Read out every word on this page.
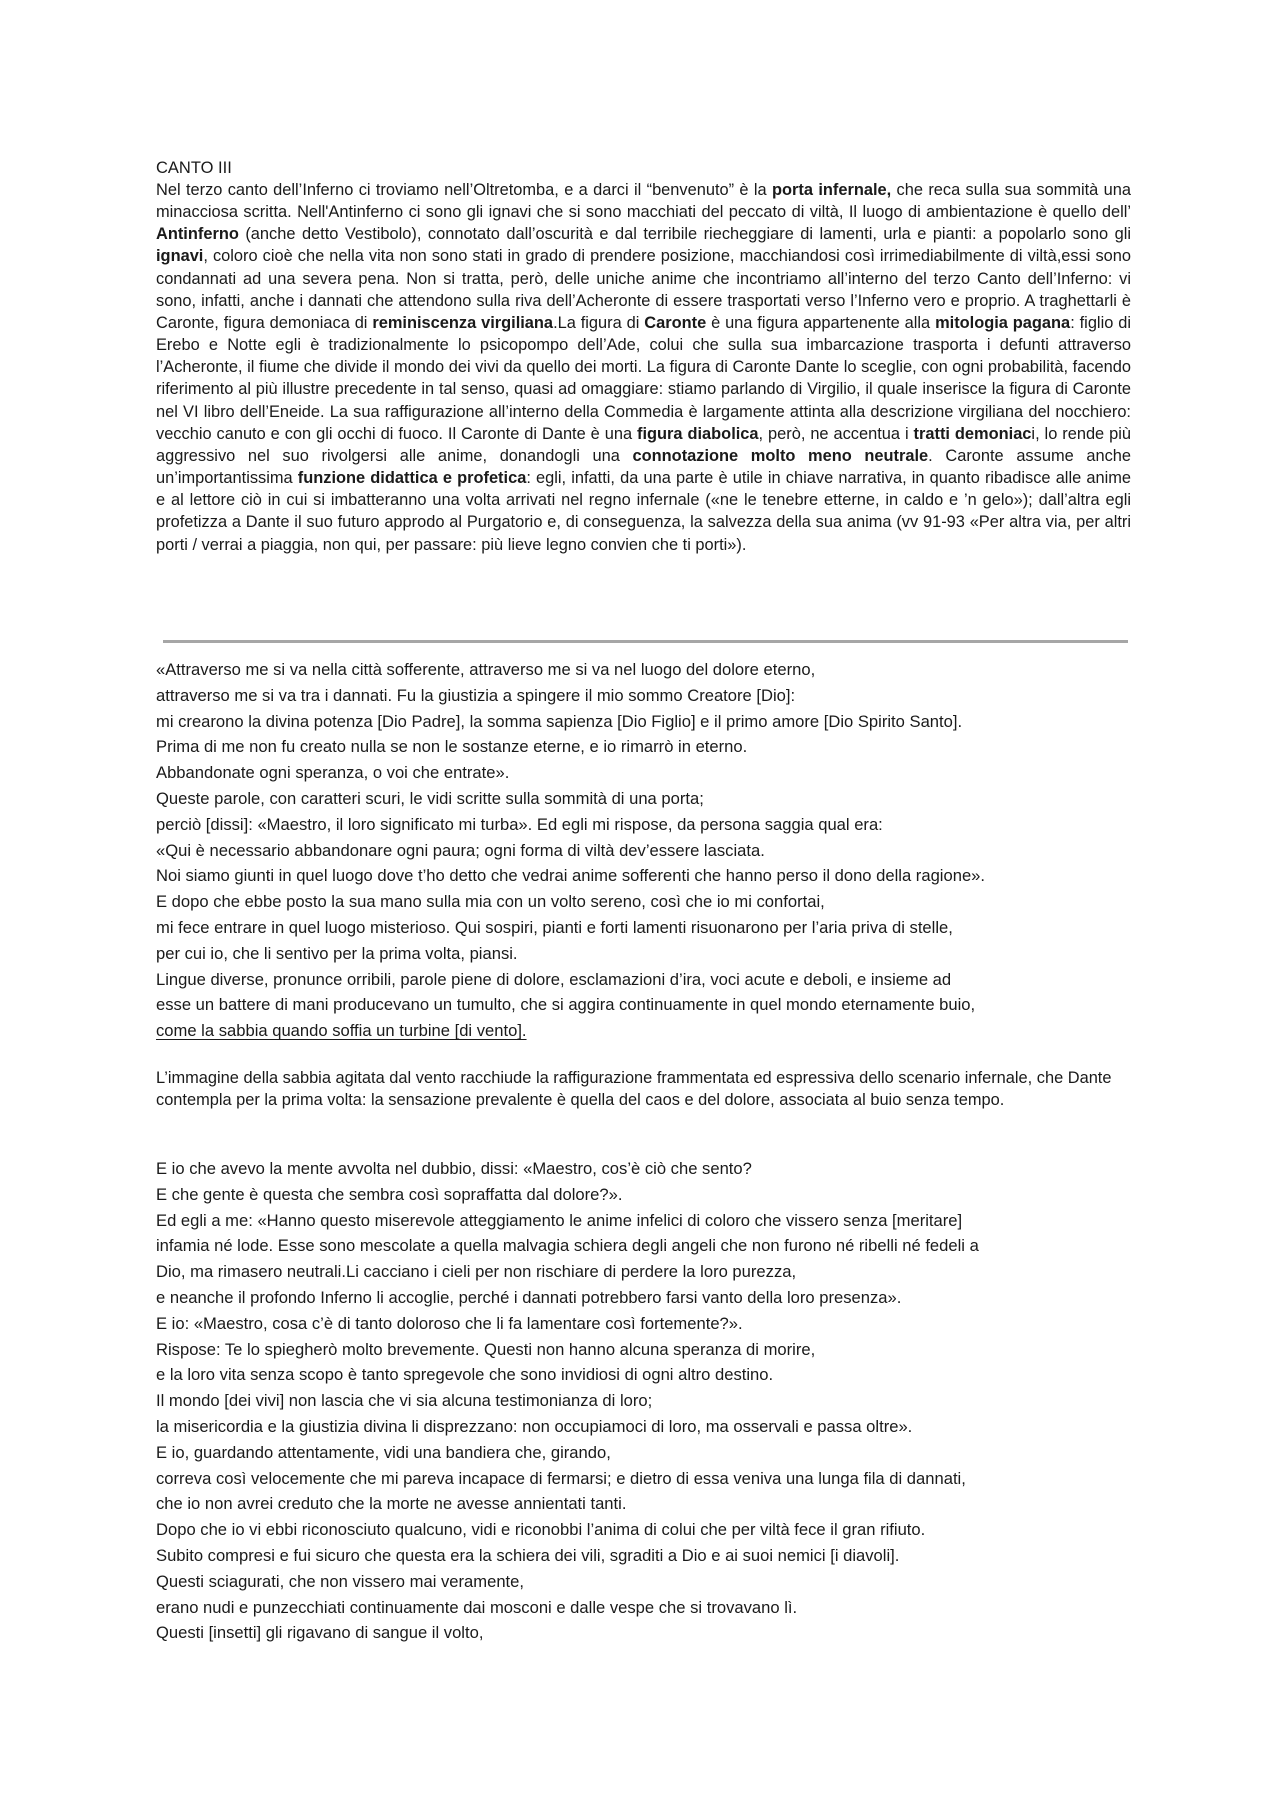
CANTO III

Nel terzo canto dell’Inferno ci troviamo nell’Oltretomba, e a darci il “benvenuto” è la porta infernale, che reca sulla sua sommità una minacciosa scritta. Nell'Antinferno ci sono gli ignavi che si sono macchiati del peccato di viltà, Il luogo di ambientazione è quello dell’ Antinferno (anche detto Vestibolo), connotato dall’oscurità e dal terribile riecheggiare di lamenti, urla e pianti: a popolarlo sono gli ignavi, coloro cioè che nella vita non sono stati in grado di prendere posizione, macchiandosi così irrimediabilmente di viltà,essi sono condannati ad una severa pena. Non si tratta, però, delle uniche anime che incontriamo all’interno del terzo Canto dell’Inferno: vi sono, infatti, anche i dannati che attendono sulla riva dell’Acheronte di essere trasportati verso l’Inferno vero e proprio. A traghettarli è Caronte, figura demoniaca di reminiscenza virgiliana.La figura di Caronte è una figura appartenente alla mitologia pagana: figlio di Erebo e Notte egli è tradizionalmente lo psicopompo dell’Ade, colui che sulla sua imbarcazione trasporta i defunti attraverso l’Acheronte, il fiume che divide il mondo dei vivi da quello dei morti. La figura di Caronte Dante lo sceglie, con ogni probabilità, facendo riferimento al più illustre precedente in tal senso, quasi ad omaggiare: stiamo parlando di Virgilio, il quale inserisce la figura di Caronte nel VI libro dell’Eneide. La sua raffigurazione all’interno della Commedia è largamente attinta alla descrizione virgiliana del nocchiero: vecchio canuto e con gli occhi di fuoco. Il Caronte di Dante è una figura diabolica, però, ne accentua i tratti demoniaci, lo rende più aggressivo nel suo rivolgersi alle anime, donandogli una connotazione molto meno neutrale. Caronte assume anche un’importantissima funzione didattica e profetica: egli, infatti, da una parte è utile in chiave narrativa, in quanto ribadisce alle anime e al lettore ciò in cui si imbatteranno una volta arrivati nel regno infernale («ne le tenebre etterne, in caldo e ’n gelo»); dall’altra egli profetizza a Dante il suo futuro approdo al Purgatorio e, di conseguenza, la salvezza della sua anima (vv 91-93 «Per altra via, per altri porti / verrai a piaggia, non qui, per passare: più lieve legno convien che ti porti»).

«Attraverso me si va nella città sofferente, attraverso me si va nel luogo del dolore eterno,
attraverso me si va tra i dannati. Fu la giustizia a spingere il mio sommo Creatore [Dio]:
mi crearono la divina potenza [Dio Padre], la somma sapienza [Dio Figlio] e il primo amore [Dio Spirito Santo].
Prima di me non fu creato nulla se non le sostanze eterne, e io rimarrò in eterno.
Abbandonate ogni speranza, o voi che entrate».
Queste parole, con caratteri scuri, le vidi scritte sulla sommità di una porta;
perciò [dissi]: «Maestro, il loro significato mi turba». Ed egli mi rispose, da persona saggia qual era:
«Qui è necessario abbandonare ogni paura; ogni forma di viltà dev’essere lasciata.
Noi siamo giunti in quel luogo dove t’ho detto che vedrai anime sofferenti che hanno perso il dono della ragione».
E dopo che ebbe posto la sua mano sulla mia con un volto sereno, così che io mi confortai,
mi fece entrare in quel luogo misterioso. Qui sospiri, pianti e forti lamenti risuonarono per l’aria priva di stelle,
per cui io, che li sentivo per la prima volta, piansi.
Lingue diverse, pronunce orribili, parole piene di dolore, esclamazioni d’ira, voci acute e deboli, e insieme ad
esse un battere di mani producevano un tumulto, che si aggira continuamente in quel mondo eternamente buio,
come la sabbia quando soffia un turbine [di vento].

L’immagine della sabbia agitata dal vento racchiude la raffigurazione frammentata ed espressiva dello scenario infernale, che Dante contempla per la prima volta: la sensazione prevalente è quella del caos e del dolore, associata al buio senza tempo.

E io che avevo la mente avvolta nel dubbio, dissi: «Maestro, cos’è ciò che sento?
E che gente è questa che sembra così sopraffatta dal dolore?».
Ed egli a me: «Hanno questo miserevole atteggiamento le anime infelici di coloro che vissero senza [meritare]
infamia né lode. Esse sono mescolate a quella malvagia schiera degli angeli che non furono né ribelli né fedeli a
Dio, ma rimasero neutrali.Li cacciano i cieli per non rischiare di perdere la loro purezza,
e neanche il profondo Inferno li accoglie, perché i dannati potrebbero farsi vanto della loro presenza».
E io: «Maestro, cosa c’è di tanto doloroso che li fa lamentare così fortemente?».
Rispose: Te lo spiegherò molto brevemente. Questi non hanno alcuna speranza di morire,
e la loro vita senza scopo è tanto spregevole che sono invidiosi di ogni altro destino.
Il mondo [dei vivi] non lascia che vi sia alcuna testimonianza di loro;
la misericordia e la giustizia divina li disprezzano: non occupiamoci di loro, ma osservali e passa oltre».
E io, guardando attentamente, vidi una bandiera che, girando,
correva così velocemente che mi pareva incapace di fermarsi; e dietro di essa veniva una lunga fila di dannati,
che io non avrei creduto che la morte ne avesse annientati tanti.
Dopo che io vi ebbi riconosciuto qualcuno, vidi e riconobbi l’anima di colui che per viltà fece il gran rifiuto.
Subito compresi e fui sicuro che questa era la schiera dei vili, sgraditi a Dio e ai suoi nemici [i diavoli].
Questi sciagurati, che non vissero mai veramente,
erano nudi e punzecchiati continuamente dai mosconi e dalle vespe che si trovavano lì.
Questi [insetti] gli rigavano di sangue il volto,
